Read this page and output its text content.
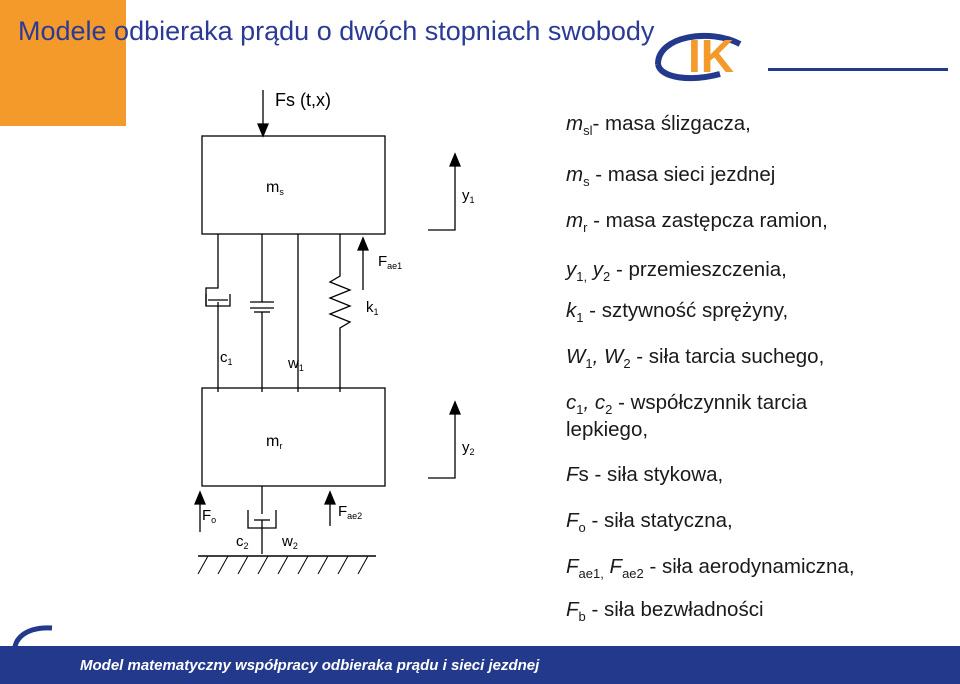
Modele odbieraka prądu o dwóch stopniach swobody IK
Fs (t,x)
ms
$c_1$	$w_1$
$k_1$
$F_{ae1}$
$y_1$
mr	$y_2$
$F_o$
$c_2$ $w_2$
$F_{ae2}$
$m_{sl}-$ masa ślizgacza,
$m_s$ - masa sieci jezdnej
$m_r$ - masa zastępcza ramion,
$y_{1,}$ $y_2$ - przemieszczenia,
$k_1$ - sztywność sprężyny,
$W_1$, $W_2$ - siła tarcia suchego,
$c_1$, $c_2$ - współczynnik tarcia
lepkiego,
Fs - siła stykowa,
$F_o$ - siła statyczna,
$F_{ae1,}$ $F_{ae2}$ - siła aerodynamiczna,
$F_b$ - siła bezwładności
Model matematyczny współpracy odbieraka prądu i sieci jezdnej
